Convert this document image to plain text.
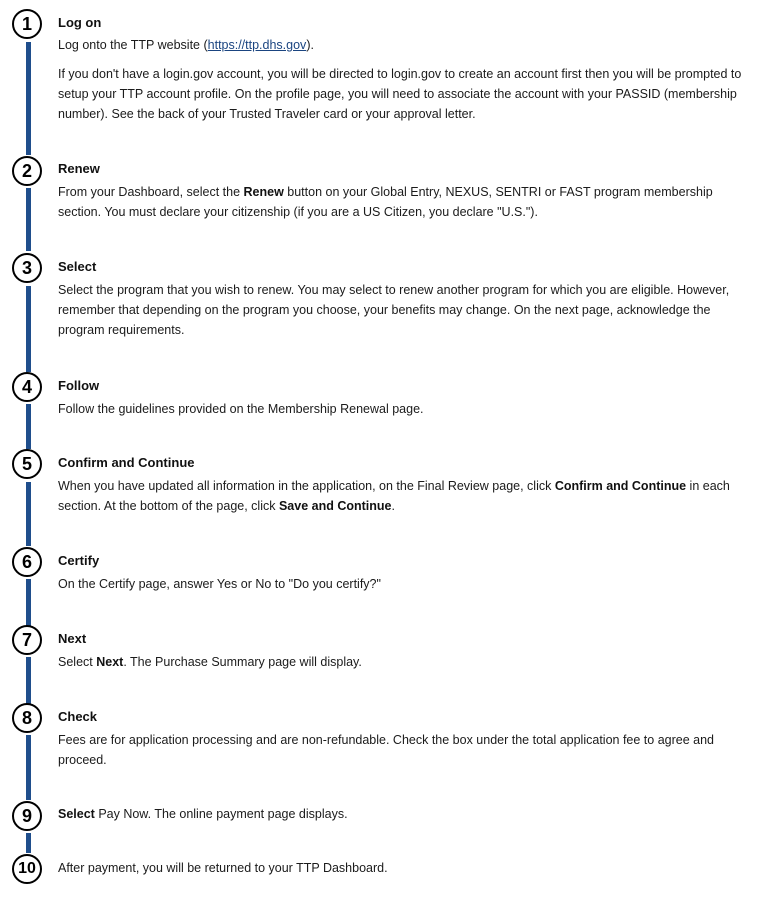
1	Log on

Log onto the TTP website (https://ttp.dhs.gov).

If you don't have a login.gov account, you will be directed to login.gov to create an account first then you will be prompted to setup your TTP account profile. On the profile page, you will need to associate the account with your PASSID (membership number). See the back of your Trusted Traveler card or your approval letter.

2	Renew

From your Dashboard, select the Renew button on your Global Entry, NEXUS, SENTRI or FAST program membership section. You must declare your citizenship (if you are a US Citizen, you declare "U.S.").

3	Select

Select the program that you wish to renew. You may select to renew another program for which you are eligible. However, remember that depending on the program you choose, your benefits may change. On the next page, acknowledge the program requirements.

4	Follow

Follow the guidelines provided on the Membership Renewal page.

5	Confirm and Continue

When you have updated all information in the application, on the Final Review page, click Confirm and Continue in each section. At the bottom of the page, click Save and Continue.

6	Certify

On the Certify page, answer Yes or No to "Do you certify?"

7	Next

Select Next. The Purchase Summary page will display.

8	Check

Fees are for application processing and are non-refundable. Check the box under the total application fee to agree and proceed.

9	Select Pay Now. The online payment page displays.

10	After payment, you will be returned to your TTP Dashboard.
